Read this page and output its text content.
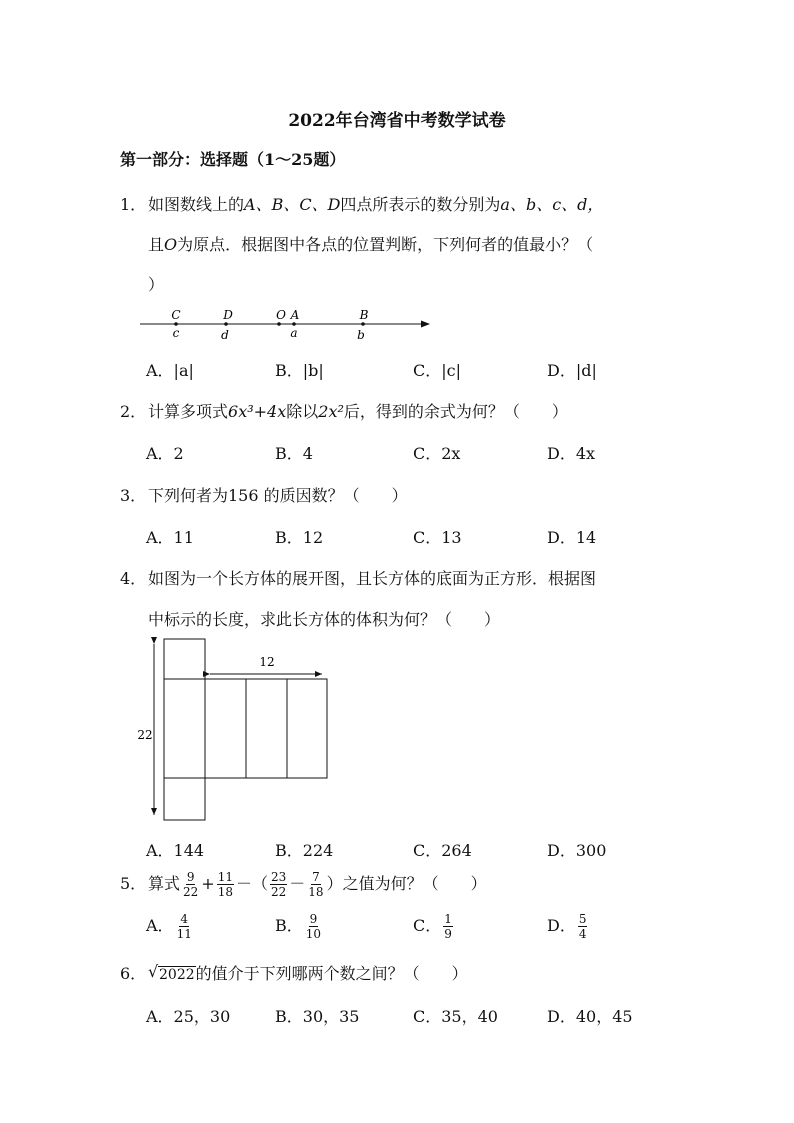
2022年台湾省中考数学试卷
第一部分：选择题（1～25题）
1． 如图数线上的A、B、C、D四点所表示的数分别为a、b、c、d，
且O为原点．根据图中各点的位置判断，下列何者的值最小？（
）
C	D	O A	B
c	d	a	b
A．|a|	B．|b|	C．|c|	D．|d|
2． 计算多项式6x³+4x除以2x²后，得到的余式为何？（　　）
A．2	B．4	C．2x	D．4x
3． 下列何者为156 的质因数？（　　）
A．11	B．12	C．13	D．14
4． 如图为一个长方体的展开图，且长方体的底面为正方形．根据图
中标示的长度，求此长方体的体积为何？（　　）
12
22
A．144	B．224	C．264	D．300
5． 算式 $\frac{9}{22} + \frac{11}{18}$ －（ $\frac{23}{22} - \frac{7}{18}$ ）之值为何？（　　）
A． $\frac{4}{11}$	B． $\frac{9}{10}$	C． $\frac{1}{9}$	D． $\frac{5}{4}$
6． √ 2022的值介于下列哪两个数之间？（　　）
A．25，30	B．30，35	C．35，40	D．40，45
